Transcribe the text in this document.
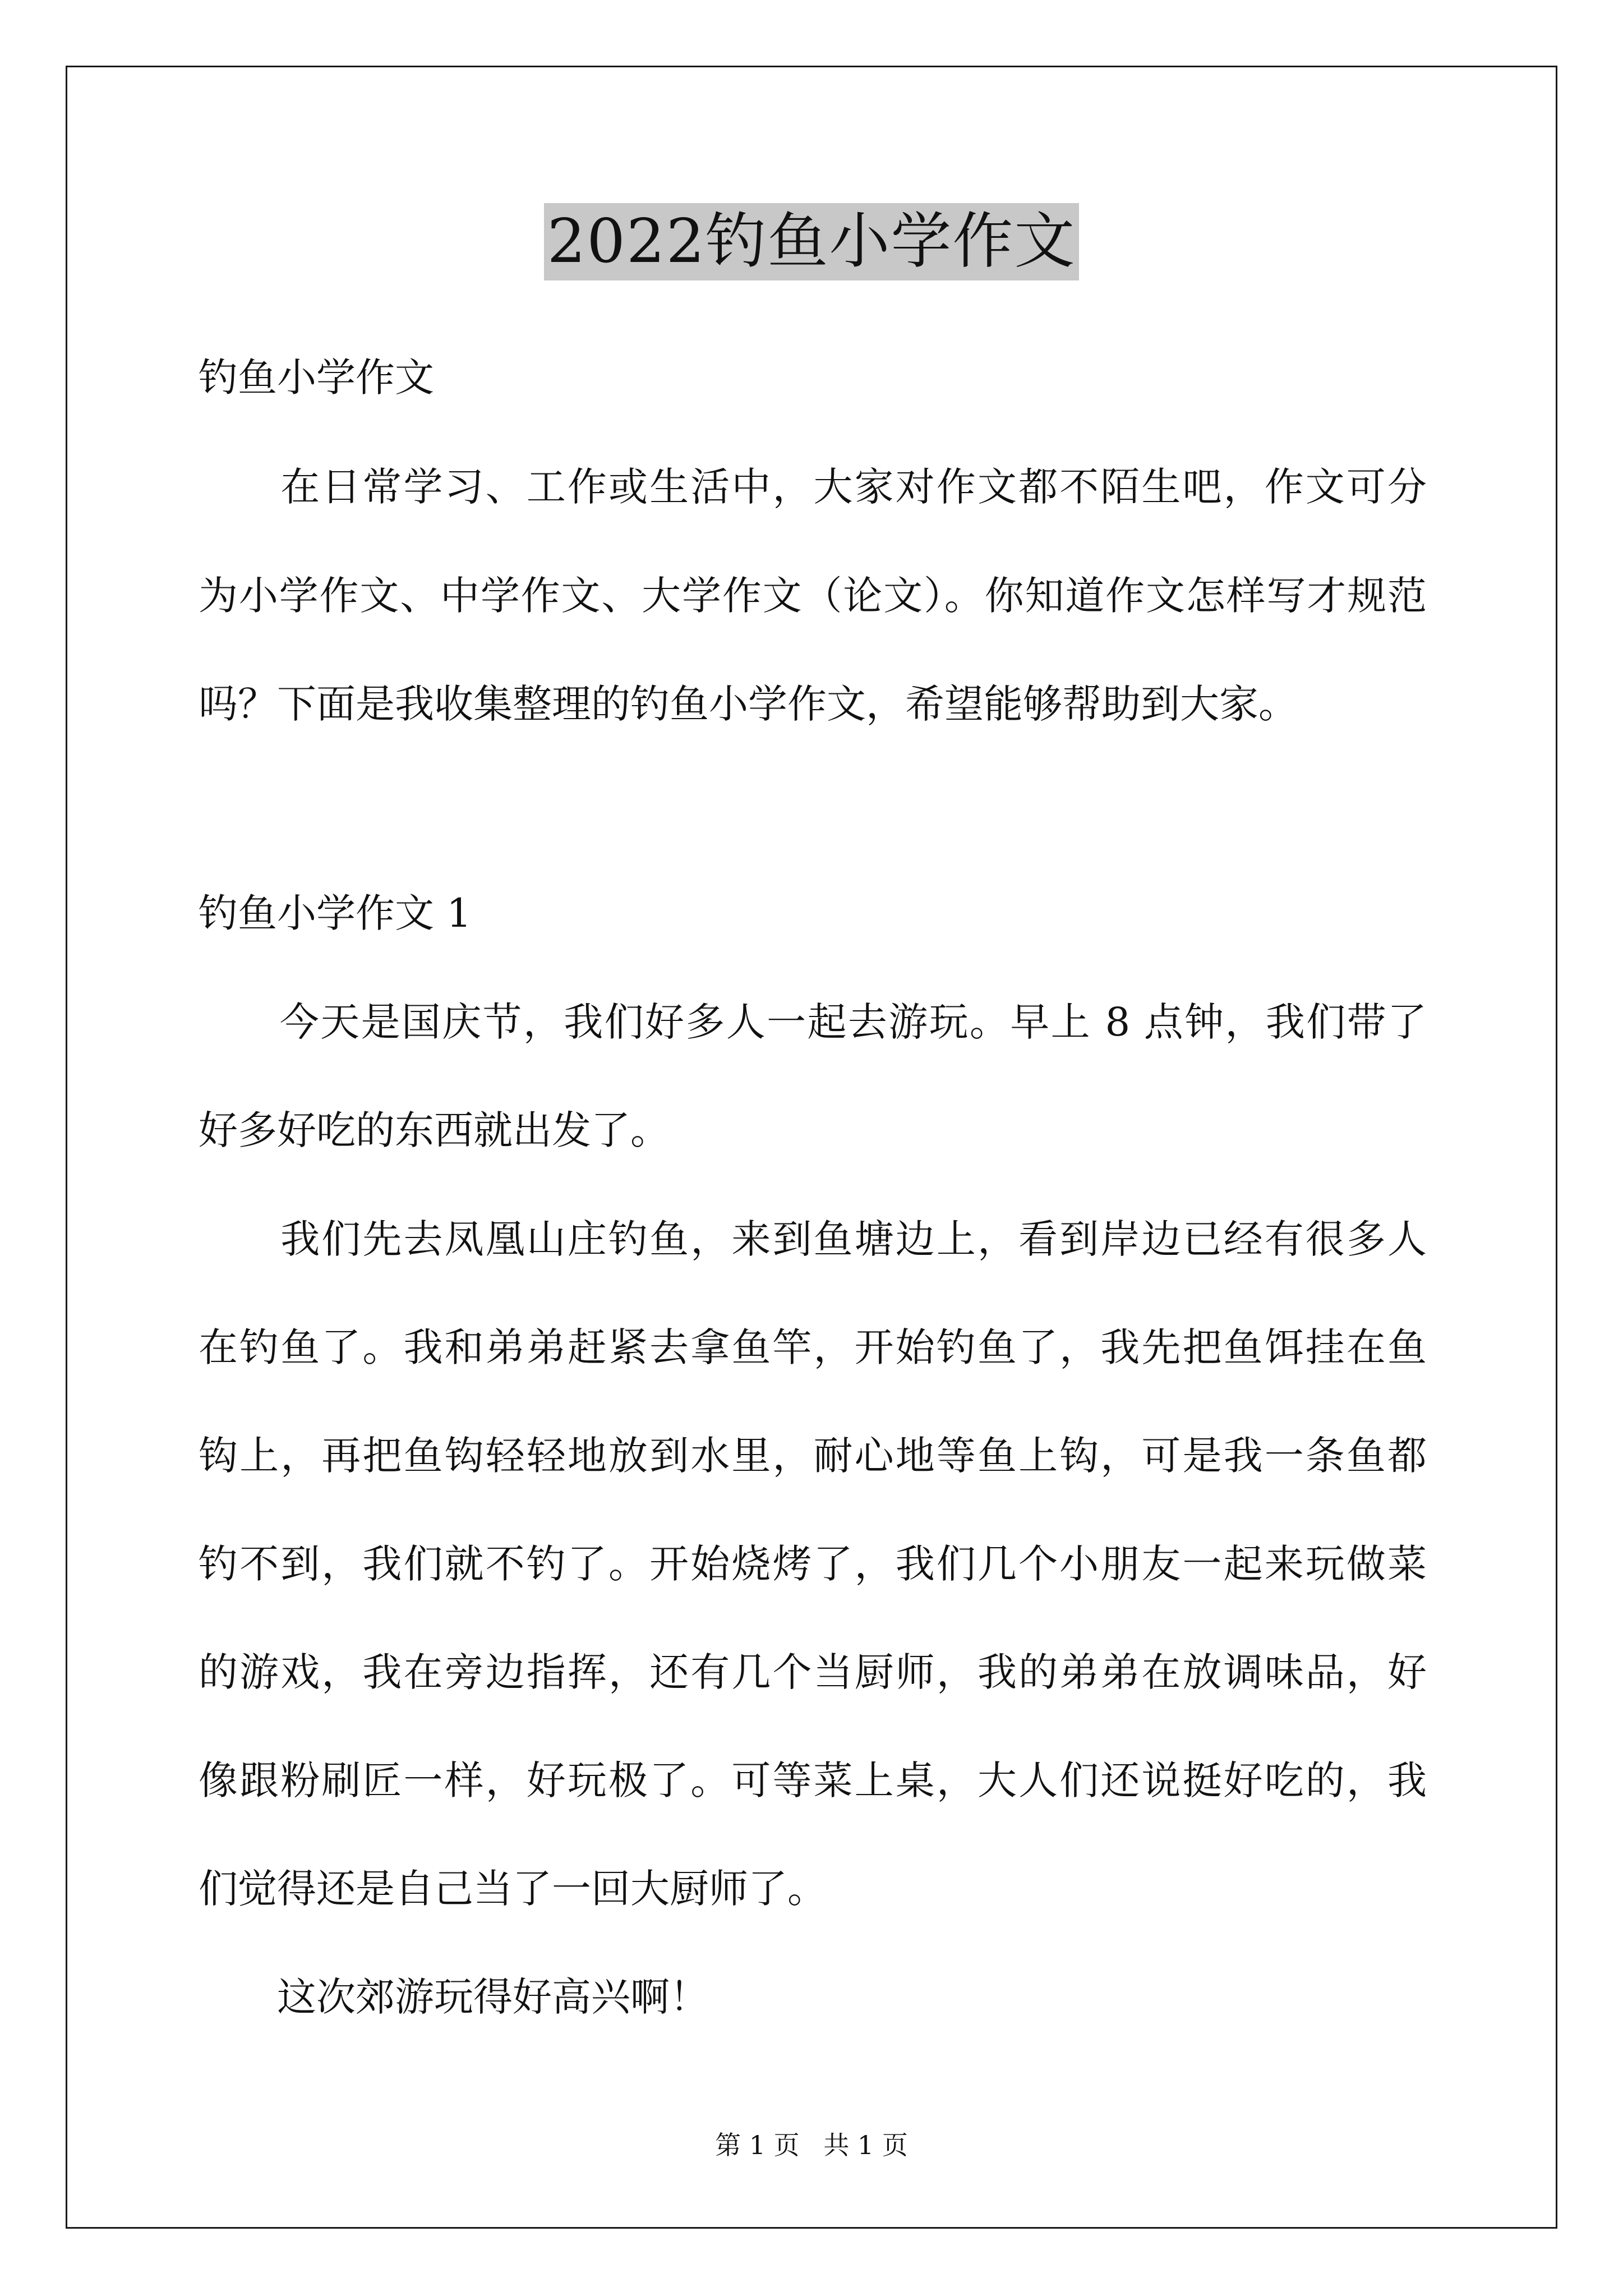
2022钓鱼小学作文
钓鱼小学作文
　　在日常学习、工作或生活中，大家对作文都不陌生吧，作文可分
为小学作文、中学作文、大学作文（论文）。你知道作文怎样写才规范
吗？下面是我收集整理的钓鱼小学作文，希望能够帮助到大家。
钓鱼小学作文 1
　　今天是国庆节，我们好多人一起去游玩。早上 8 点钟，我们带了
好多好吃的东西就出发了。
　　我们先去凤凰山庄钓鱼，来到鱼塘边上，看到岸边已经有很多人
在钓鱼了。我和弟弟赶紧去拿鱼竿，开始钓鱼了，我先把鱼饵挂在鱼
钩上，再把鱼钩轻轻地放到水里，耐心地等鱼上钩，可是我一条鱼都
钓不到，我们就不钓了。开始烧烤了，我们几个小朋友一起来玩做菜
的游戏，我在旁边指挥，还有几个当厨师，我的弟弟在放调味品，好
像跟粉刷匠一样，好玩极了。可等菜上桌，大人们还说挺好吃的，我
们觉得还是自己当了一回大厨师了。
　　这次郊游玩得好高兴啊！
第 1 页 共 1 页
